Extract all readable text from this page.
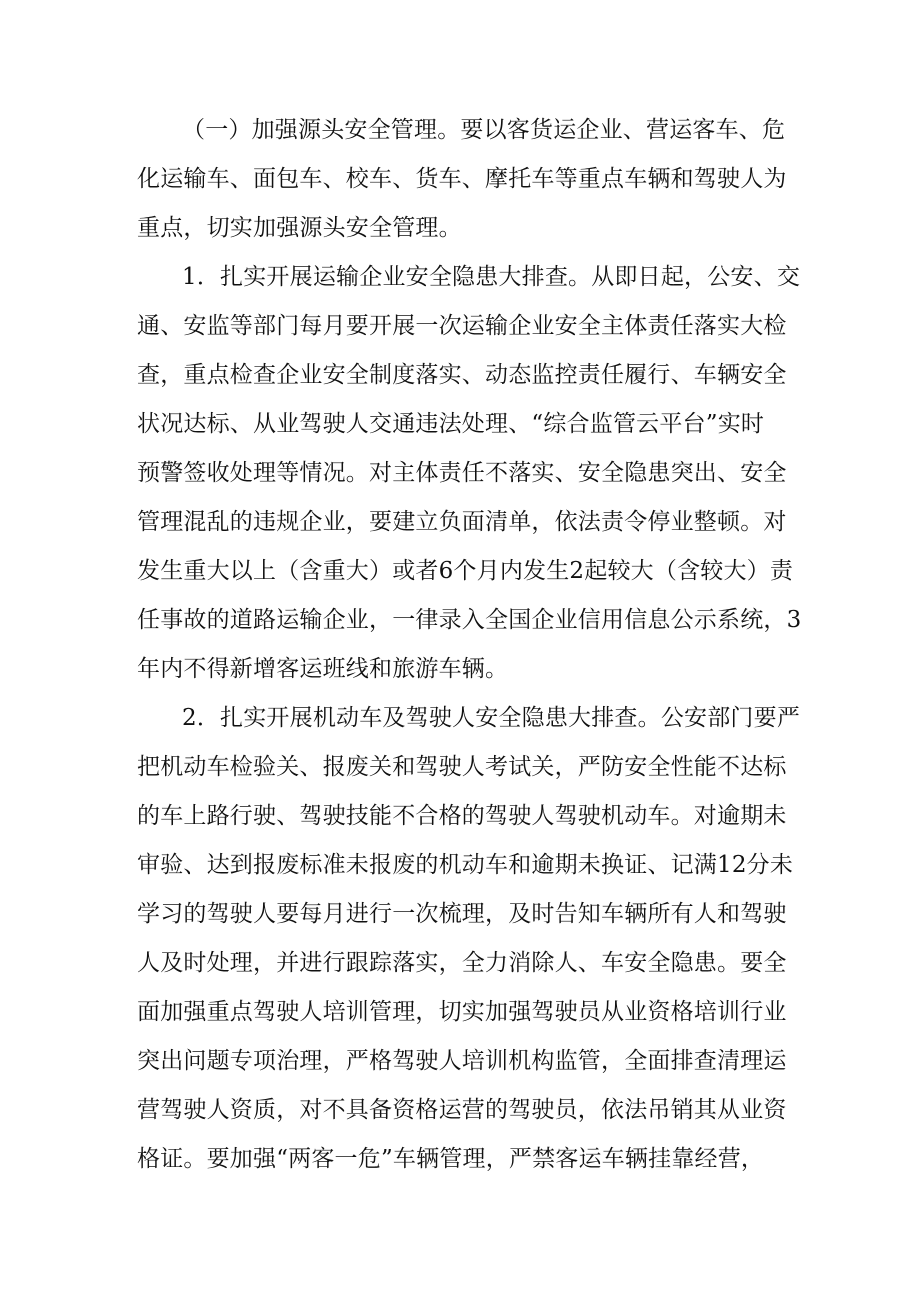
（一）加强源头安全管理。要以客货运企业、营运客车、危
化运输车、面包车、校车、货车、摩托车等重点车辆和驾驶人为
重点，切实加强源头安全管理。
1．扎实开展运输企业安全隐患大排查。从即日起，公安、交
通、安监等部门每月要开展一次运输企业安全主体责任落实大检
查，重点检查企业安全制度落实、动态监控责任履行、车辆安全
状况达标、从业驾驶人交通违法处理、“综合监管云平台”实时
预警签收处理等情况。对主体责任不落实、安全隐患突出、安全
管理混乱的违规企业，要建立负面清单，依法责令停业整顿。对
发生重大以上（含重大）或者6个月内发生2起较大（含较大）责
任事故的道路运输企业，一律录入全国企业信用信息公示系统，3
年内不得新增客运班线和旅游车辆。
2．扎实开展机动车及驾驶人安全隐患大排查。公安部门要严
把机动车检验关、报废关和驾驶人考试关，严防安全性能不达标
的车上路行驶、驾驶技能不合格的驾驶人驾驶机动车。对逾期未
审验、达到报废标准未报废的机动车和逾期未换证、记满12分未
学习的驾驶人要每月进行一次梳理，及时告知车辆所有人和驾驶
人及时处理，并进行跟踪落实，全力消除人、车安全隐患。要全
面加强重点驾驶人培训管理，切实加强驾驶员从业资格培训行业
突出问题专项治理，严格驾驶人培训机构监管，全面排查清理运
营驾驶人资质，对不具备资格运营的驾驶员，依法吊销其从业资
格证。要加强“两客一危”车辆管理，严禁客运车辆挂靠经营，
